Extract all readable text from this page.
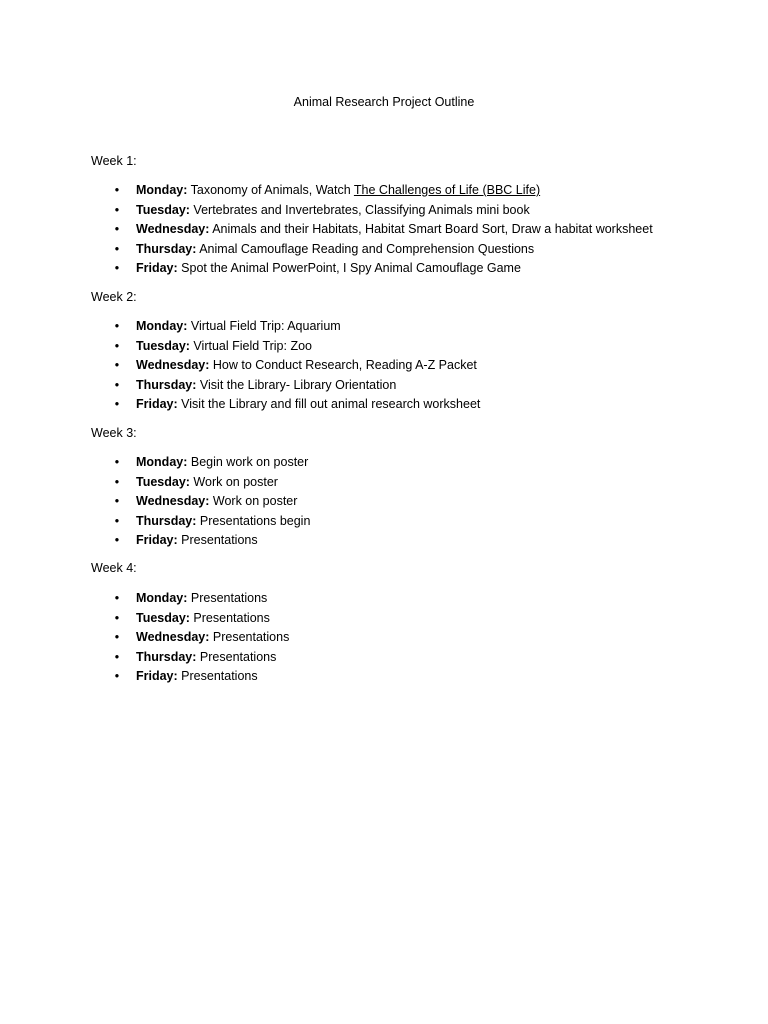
Animal Research Project Outline
Week 1:
• Monday: Taxonomy of Animals, Watch The Challenges of Life (BBC Life)
• Tuesday: Vertebrates and Invertebrates, Classifying Animals mini book
• Wednesday: Animals and their Habitats, Habitat Smart Board Sort, Draw a habitat worksheet
• Thursday: Animal Camouflage Reading and Comprehension Questions
• Friday: Spot the Animal PowerPoint, I Spy Animal Camouflage Game
Week 2:
• Monday: Virtual Field Trip: Aquarium
• Tuesday: Virtual Field Trip: Zoo
• Wednesday: How to Conduct Research, Reading A-Z Packet
• Thursday: Visit the Library- Library Orientation
• Friday: Visit the Library and fill out animal research worksheet
Week 3:
• Monday: Begin work on poster
• Tuesday: Work on poster
• Wednesday: Work on poster
• Thursday: Presentations begin
• Friday: Presentations
Week 4:
• Monday: Presentations
• Tuesday: Presentations
• Wednesday: Presentations
• Thursday: Presentations
• Friday: Presentations
